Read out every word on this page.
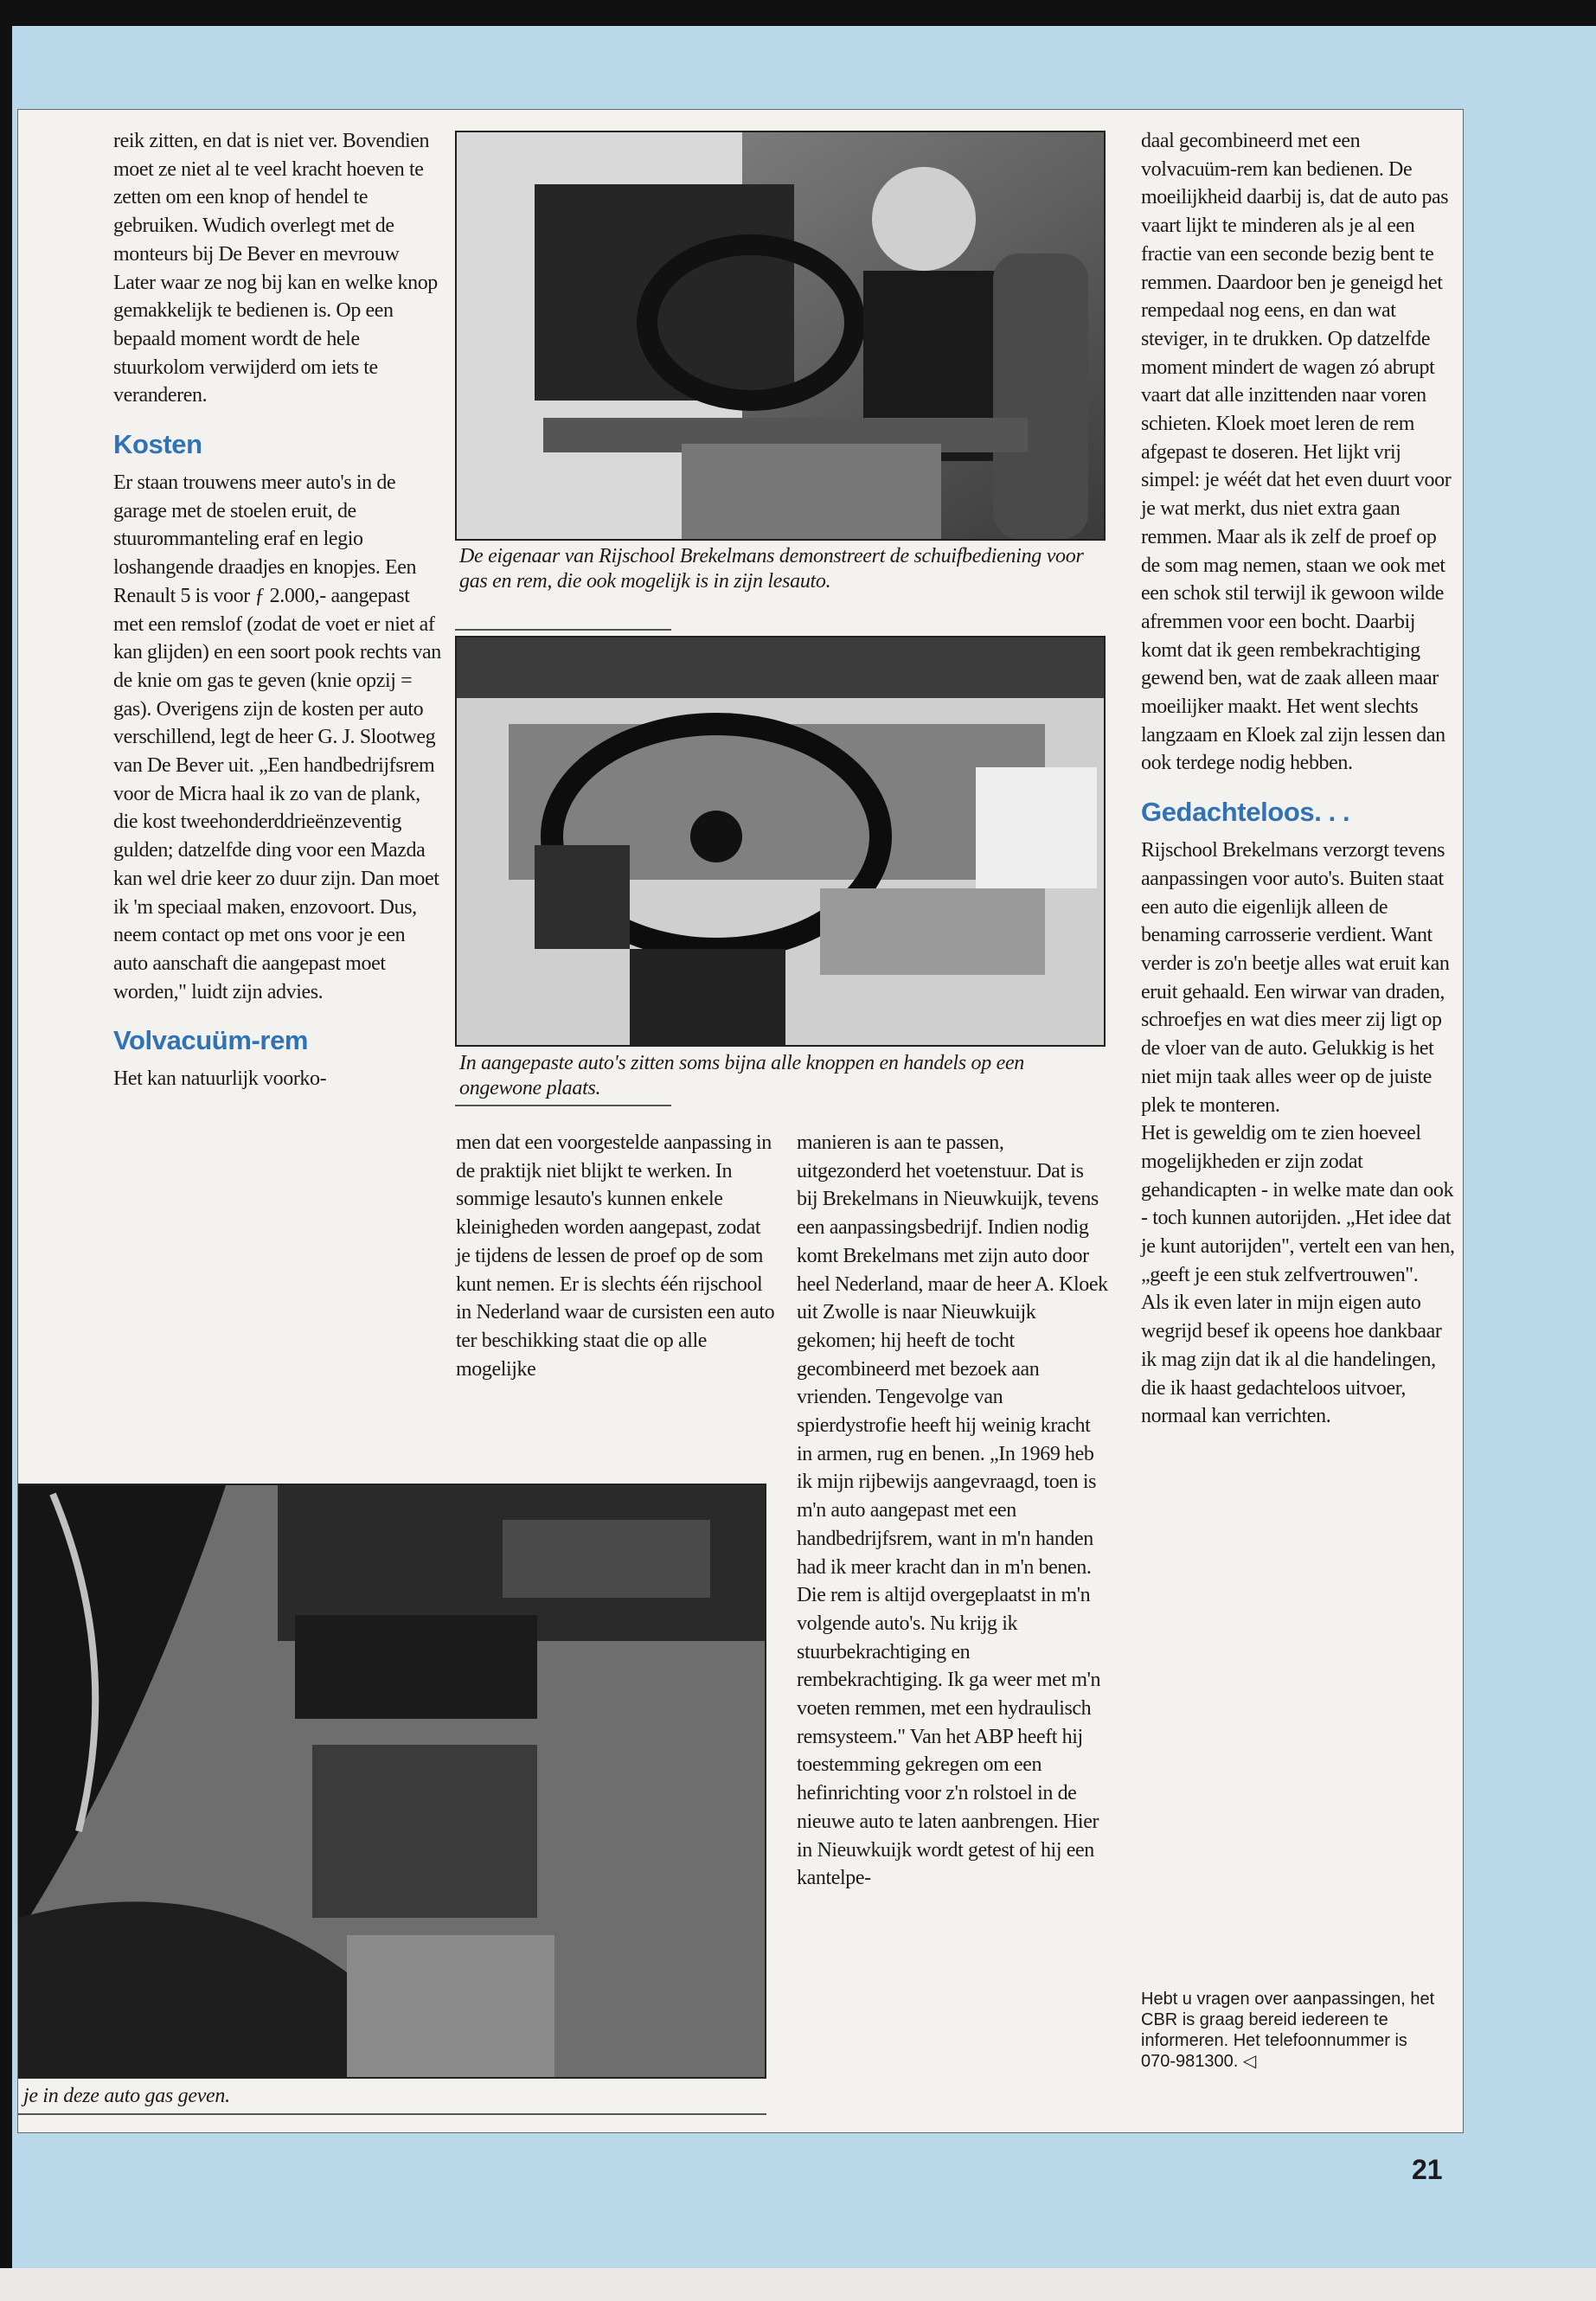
reik zitten, en dat is niet ver. Bovendien moet ze niet al te veel kracht hoeven te zetten om een knop of hendel te gebruiken. Wudich overlegt met de monteurs bij De Bever en mevrouw Later waar ze nog bij kan en welke knop gemakkelijk te bedienen is. Op een bepaald moment wordt de hele stuurkolom verwijderd om iets te veranderen.

Kosten

Er staan trouwens meer auto's in de garage met de stoelen eruit, de stuurommanteling eraf en legio loshangende draadjes en knopjes. Een Renault 5 is voor ƒ 2.000,- aangepast met een remslof (zodat de voet er niet af kan glijden) en een soort pook rechts van de knie om gas te geven (knie opzij = gas). Overigens zijn de kosten per auto verschillend, legt de heer G. J. Slootweg van De Bever uit. „Een handbedrijfsrem voor de Micra haal ik zo van de plank, die kost tweehonderddrieënzeventig gulden; datzelfde ding voor een Mazda kan wel drie keer zo duur zijn. Dan moet ik 'm speciaal maken, enzovoort. Dus, neem contact op met ons voor je een auto aanschaft die aangepast moet worden," luidt zijn advies.

Volvacuüm-rem

Het kan natuurlijk voorko-

De eigenaar van Rijschool Brekelmans demonstreert de schuifbediening voor gas en rem, die ook mogelijk is in zijn lesauto.
In aangepaste auto's zitten soms bijna alle knoppen en handels op een ongewone plaats.

men dat een voorgestelde aanpassing in de praktijk niet blijkt te werken. In sommige lesauto's kunnen enkele kleinigheden worden aangepast, zodat je tijdens de lessen de proef op de som kunt nemen. Er is slechts één rijschool in Nederland waar de cursisten een auto ter beschikking staat die op alle mogelijke

manieren is aan te passen, uitgezonderd het voetenstuur. Dat is bij Brekelmans in Nieuwkuijk, tevens een aanpassingsbedrijf. Indien nodig komt Brekelmans met zijn auto door heel Nederland, maar de heer A. Kloek uit Zwolle is naar Nieuwkuijk gekomen; hij heeft de tocht gecombineerd met bezoek aan vrienden. Tengevolge van spierdystrofie heeft hij weinig kracht in armen, rug en benen. „In 1969 heb ik mijn rijbewijs aangevraagd, toen is m'n auto aangepast met een handbedrijfsrem, want in m'n handen had ik meer kracht dan in m'n benen. Die rem is altijd overgeplaatst in m'n volgende auto's. Nu krijg ik stuurbekrachtiging en rembekrachtiging. Ik ga weer met m'n voeten remmen, met een hydraulisch remsysteem." Van het ABP heeft hij toestemming gekregen om een hefinrichting voor z'n rolstoel in de nieuwe auto te laten aanbrengen. Hier in Nieuwkuijk wordt getest of hij een kantelpe-

je in deze auto gas geven.

daal gecombineerd met een volvacuüm-rem kan bedienen. De moeilijkheid daarbij is, dat de auto pas vaart lijkt te minderen als je al een fractie van een seconde bezig bent te remmen. Daardoor ben je geneigd het rempedaal nog eens, en dan wat steviger, in te drukken. Op datzelfde moment mindert de wagen zó abrupt vaart dat alle inzittenden naar voren schieten. Kloek moet leren de rem afgepast te doseren. Het lijkt vrij simpel: je wéét dat het even duurt voor je wat merkt, dus niet extra gaan remmen. Maar als ik zelf de proef op de som mag nemen, staan we ook met een schok stil terwijl ik gewoon wilde afremmen voor een bocht. Daarbij komt dat ik geen rembekrachtiging gewend ben, wat de zaak alleen maar moeilijker maakt. Het went slechts langzaam en Kloek zal zijn lessen dan ook terdege nodig hebben.

Gedachteloos. . .

Rijschool Brekelmans verzorgt tevens aanpassingen voor auto's. Buiten staat een auto die eigenlijk alleen de benaming carrosserie verdient. Want verder is zo'n beetje alles wat eruit kan eruit gehaald. Een wirwar van draden, schroefjes en wat dies meer zij ligt op de vloer van de auto. Gelukkig is het niet mijn taak alles weer op de juiste plek te monteren.

Het is geweldig om te zien hoeveel mogelijkheden er zijn zodat gehandicapten - in welke mate dan ook - toch kunnen autorijden. „Het idee dat je kunt autorijden", vertelt een van hen, „geeft je een stuk zelfvertrouwen".

Als ik even later in mijn eigen auto wegrijd besef ik opeens hoe dankbaar ik mag zijn dat ik al die handelingen, die ik haast gedachteloos uitvoer, normaal kan verrichten.

Hebt u vragen over aanpassingen, het CBR is graag bereid iedereen te informeren. Het telefoonnummer is 070-981300. ◁
21
